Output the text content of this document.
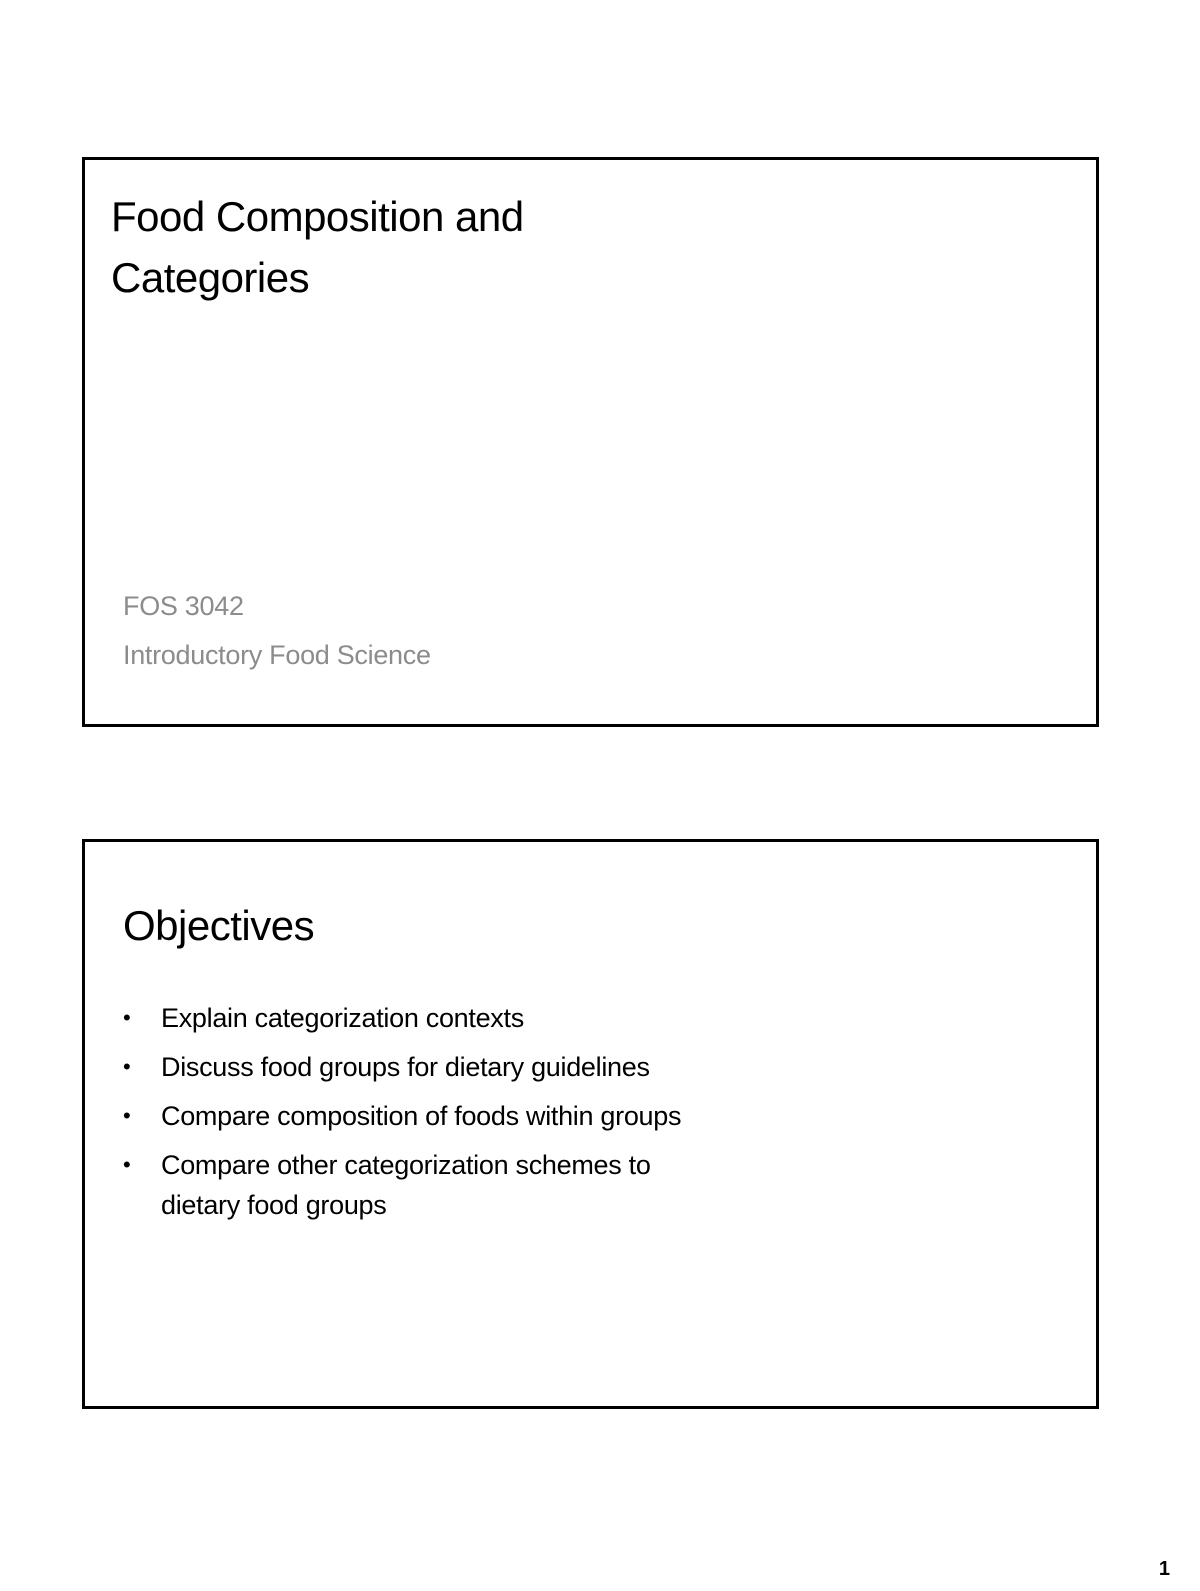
Food Composition and Categories
FOS 3042
Introductory Food Science
Objectives
• Explain categorization contexts
• Discuss food groups for dietary guidelines
• Compare composition of foods within groups
• Compare other categorization schemes to dietary food groups
1
